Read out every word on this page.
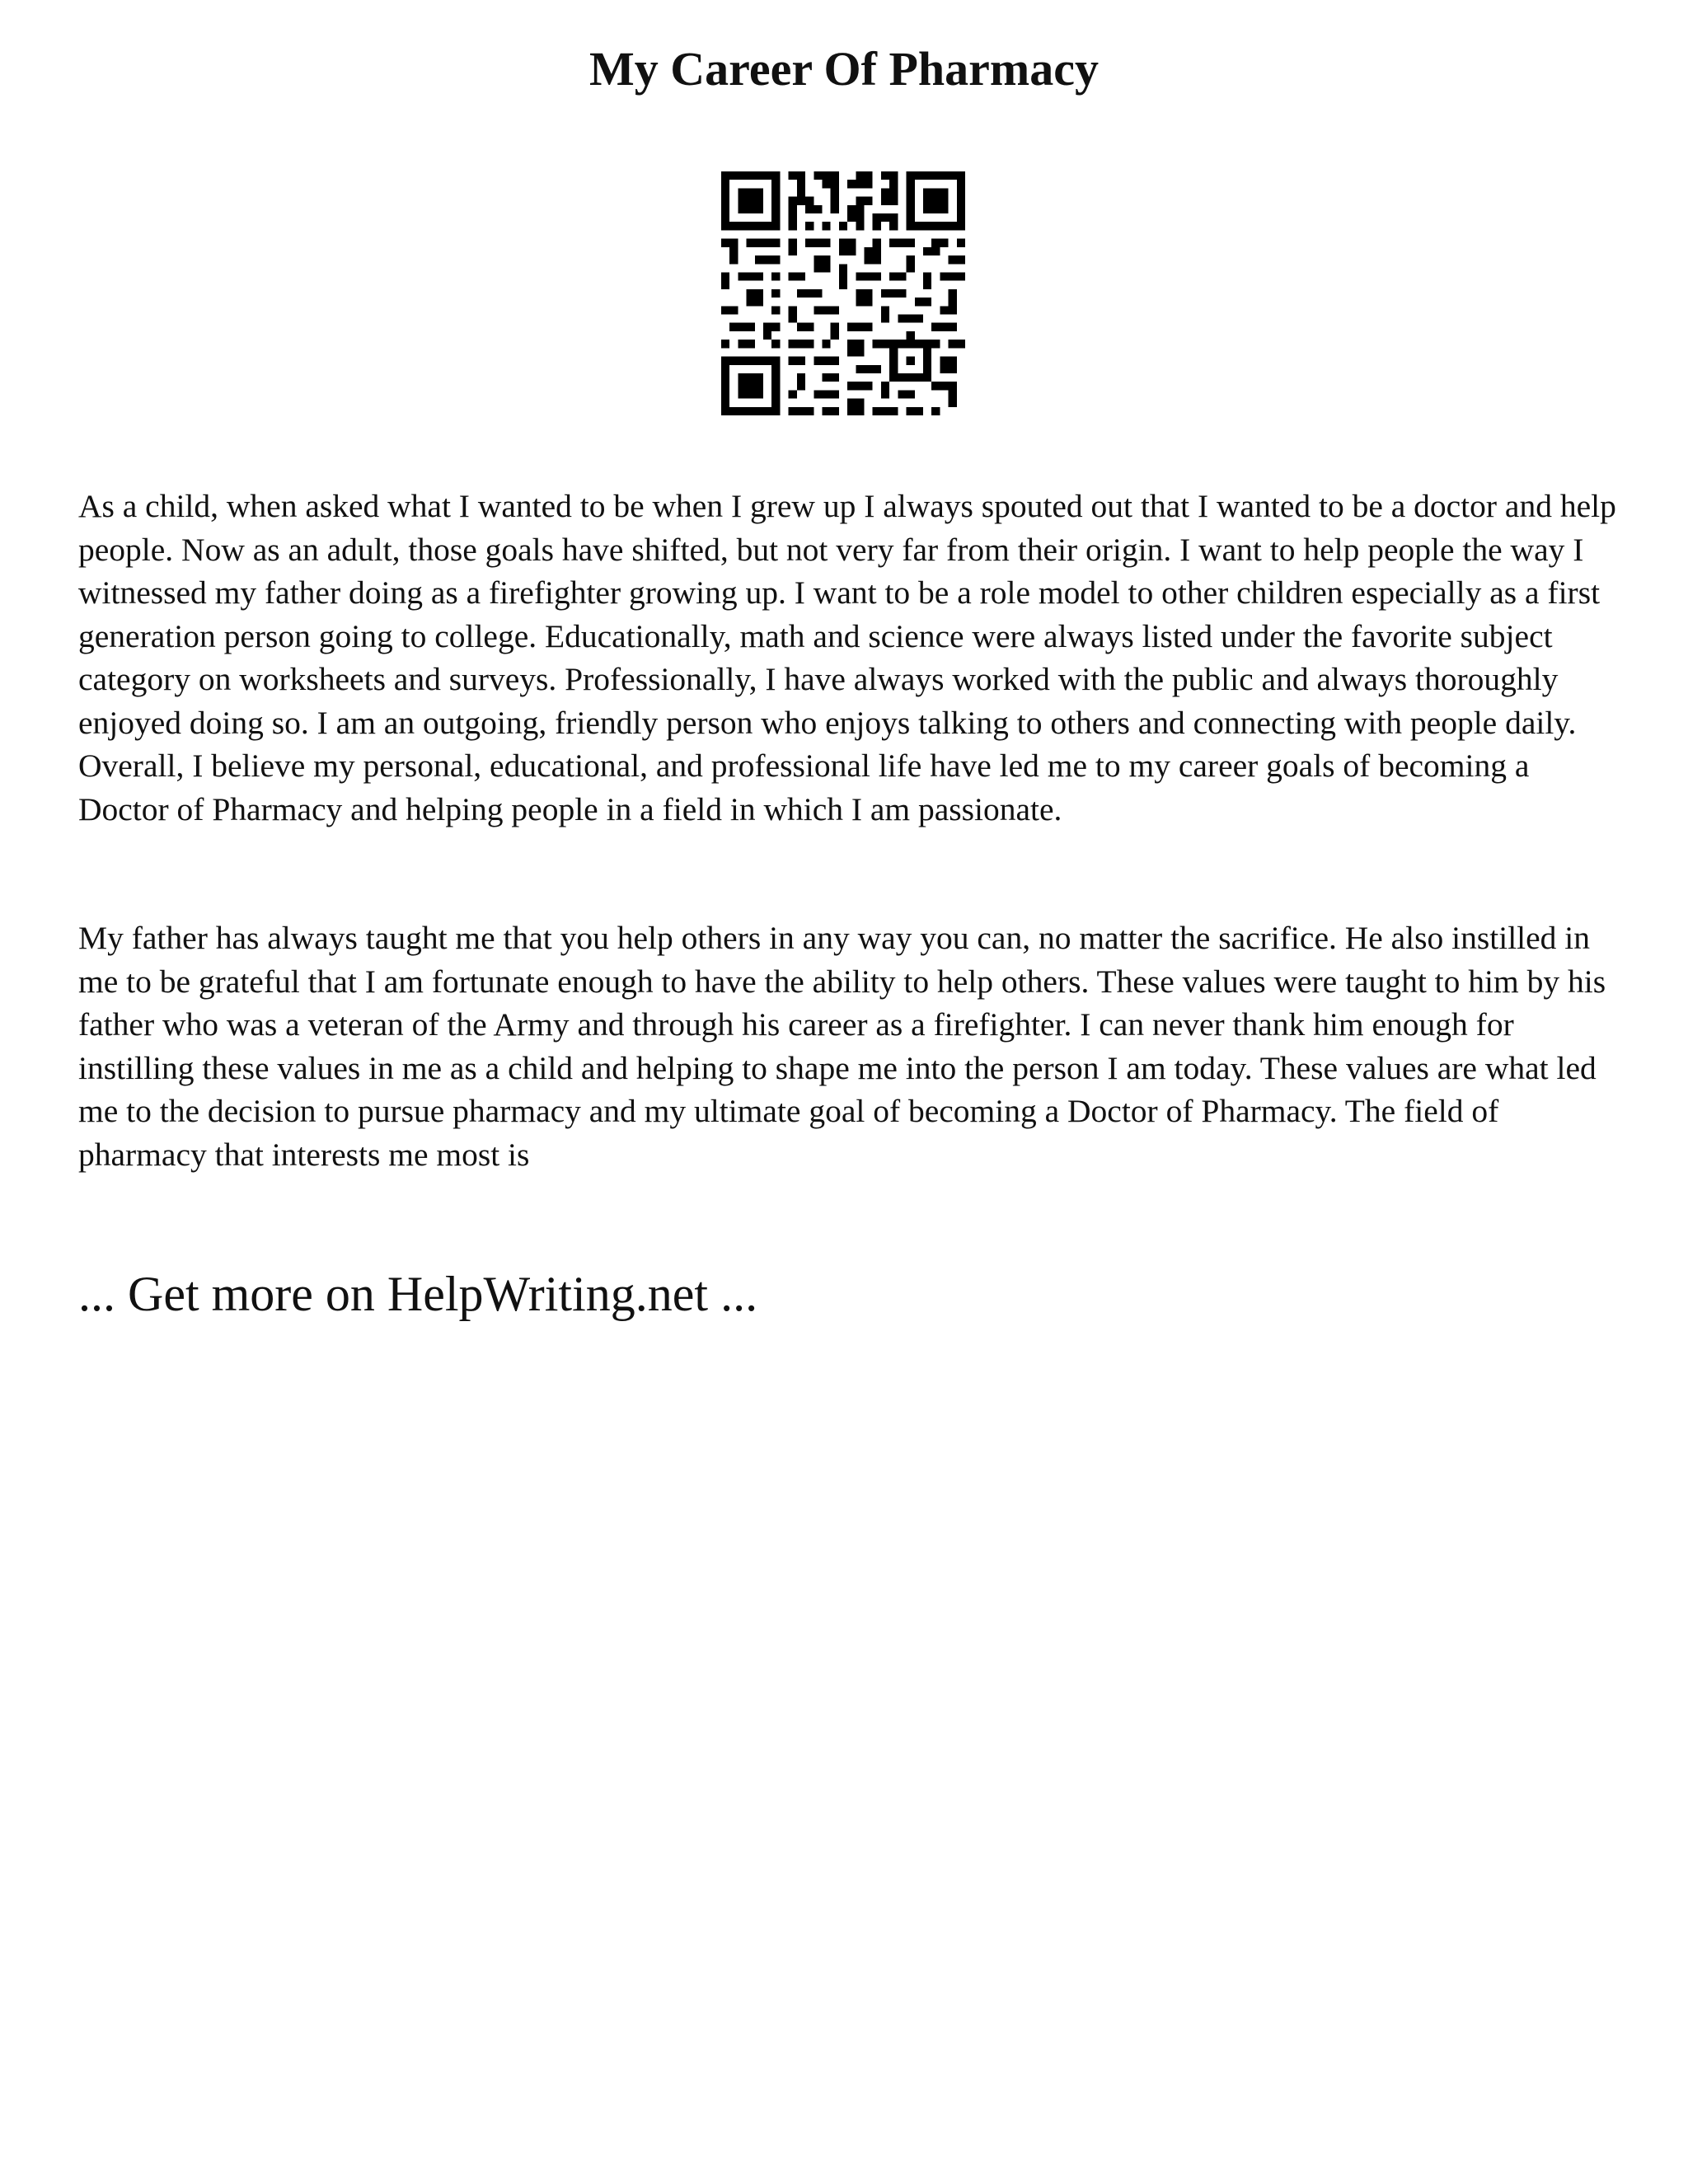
My Career Of Pharmacy

As a child, when asked what I wanted to be when I grew up I always spouted out that I wanted to be a doctor and help people. Now as an adult, those goals have shifted, but not very far from their origin. I want to help people the way I witnessed my father doing as a firefighter growing up. I want to be a role model to other children especially as a first generation person going to college. Educationally, math and science were always listed under the favorite subject category on worksheets and surveys. Professionally, I have always worked with the public and always thoroughly enjoyed doing so. I am an outgoing, friendly person who enjoys talking to others and connecting with people daily. Overall, I believe my personal, educational, and professional life have led me to my career goals of becoming a Doctor of Pharmacy and helping people in a field in which I am passionate.

My father has always taught me that you help others in any way you can, no matter the sacrifice. He also instilled in me to be grateful that I am fortunate enough to have the ability to help others. These values were taught to him by his father who was a veteran of the Army and through his career as a firefighter. I can never thank him enough for instilling these values in me as a child and helping to shape me into the person I am today. These values are what led me to the decision to pursue pharmacy and my ultimate goal of becoming a Doctor of Pharmacy. The field of pharmacy that interests me most is

... Get more on HelpWriting.net ...
